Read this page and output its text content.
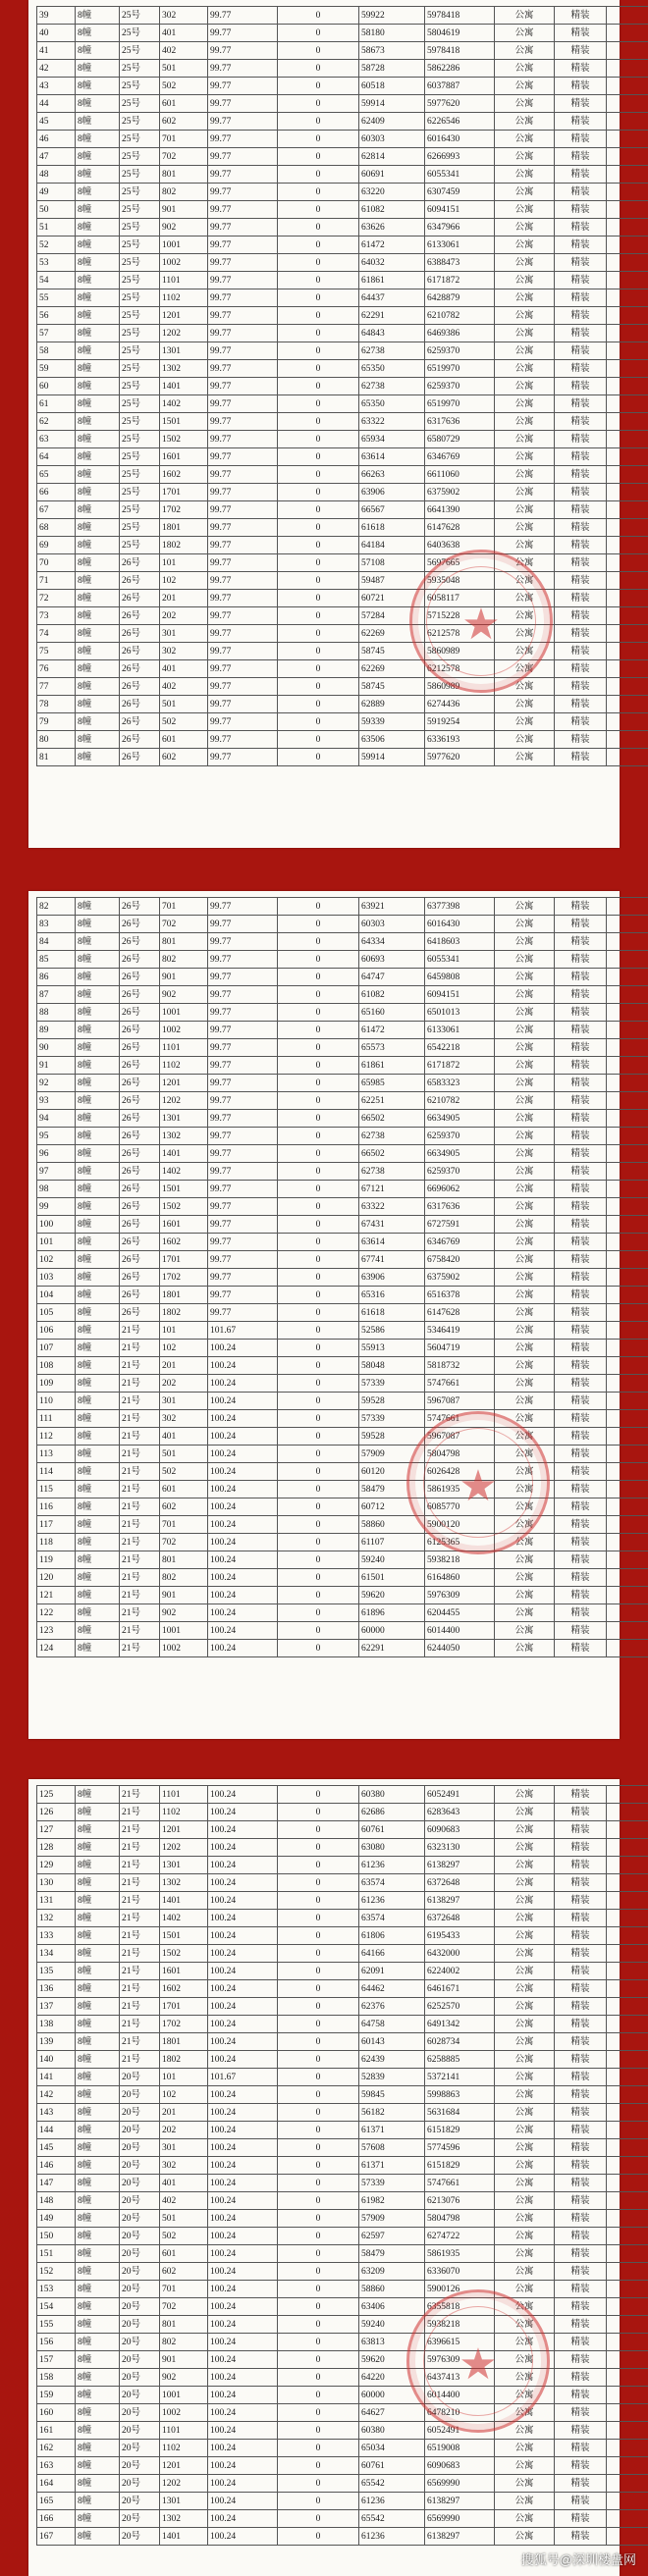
39	8幢	25号	302	99.77	0	59922	5978418	公寓	精装	
40	8幢	25号	401	99.77	0	58180	5804619	公寓	精装	
41	8幢	25号	402	99.77	0	58673	5978418	公寓	精装	
42	8幢	25号	501	99.77	0	58728	5862286	公寓	精装	
43	8幢	25号	502	99.77	0	60518	6037887	公寓	精装	
44	8幢	25号	601	99.77	0	59914	5977620	公寓	精装	
45	8幢	25号	602	99.77	0	62409	6226546	公寓	精装	
46	8幢	25号	701	99.77	0	60303	6016430	公寓	精装	
47	8幢	25号	702	99.77	0	62814	6266993	公寓	精装	
48	8幢	25号	801	99.77	0	60691	6055341	公寓	精装	
49	8幢	25号	802	99.77	0	63220	6307459	公寓	精装	
50	8幢	25号	901	99.77	0	61082	6094151	公寓	精装	
51	8幢	25号	902	99.77	0	63626	6347966	公寓	精装	
52	8幢	25号	1001	99.77	0	61472	6133061	公寓	精装	
53	8幢	25号	1002	99.77	0	64032	6388473	公寓	精装	
54	8幢	25号	1101	99.77	0	61861	6171872	公寓	精装	
55	8幢	25号	1102	99.77	0	64437	6428879	公寓	精装	
56	8幢	25号	1201	99.77	0	62291	6210782	公寓	精装	
57	8幢	25号	1202	99.77	0	64843	6469386	公寓	精装	
58	8幢	25号	1301	99.77	0	62738	6259370	公寓	精装	
59	8幢	25号	1302	99.77	0	65350	6519970	公寓	精装	
60	8幢	25号	1401	99.77	0	62738	6259370	公寓	精装	
61	8幢	25号	1402	99.77	0	65350	6519970	公寓	精装	
62	8幢	25号	1501	99.77	0	63322	6317636	公寓	精装	
63	8幢	25号	1502	99.77	0	65934	6580729	公寓	精装	
64	8幢	25号	1601	99.77	0	63614	6346769	公寓	精装	
65	8幢	25号	1602	99.77	0	66263	6611060	公寓	精装	
66	8幢	25号	1701	99.77	0	63906	6375902	公寓	精装	
67	8幢	25号	1702	99.77	0	66567	6641390	公寓	精装	
68	8幢	25号	1801	99.77	0	61618	6147628	公寓	精装	
69	8幢	25号	1802	99.77	0	64184	6403638	公寓	精装	
70	8幢	26号	101	99.77	0	57108	5697665	公寓	精装	
71	8幢	26号	102	99.77	0	59487	5935048	公寓	精装	
72	8幢	26号	201	99.77	0	60721	6058117	公寓	精装	
73	8幢	26号	202	99.77	0	57284	5715228	公寓	精装	
74	8幢	26号	301	99.77	0	62269	6212578	公寓	精装	
75	8幢	26号	302	99.77	0	58745	5860989	公寓	精装	
76	8幢	26号	401	99.77	0	62269	6212578	公寓	精装	
77	8幢	26号	402	99.77	0	58745	5860989	公寓	精装	
78	8幢	26号	501	99.77	0	62889	6274436	公寓	精装	
79	8幢	26号	502	99.77	0	59339	5919254	公寓	精装	
80	8幢	26号	601	99.77	0	63506	6336193	公寓	精装	
81	8幢	26号	602	99.77	0	59914	5977620	公寓	精装	
★
82	8幢	26号	701	99.77	0	63921	6377398	公寓	精装	
83	8幢	26号	702	99.77	0	60303	6016430	公寓	精装	
84	8幢	26号	801	99.77	0	64334	6418603	公寓	精装	
85	8幢	26号	802	99.77	0	60693	6055341	公寓	精装	
86	8幢	26号	901	99.77	0	64747	6459808	公寓	精装	
87	8幢	26号	902	99.77	0	61082	6094151	公寓	精装	
88	8幢	26号	1001	99.77	0	65160	6501013	公寓	精装	
89	8幢	26号	1002	99.77	0	61472	6133061	公寓	精装	
90	8幢	26号	1101	99.77	0	65573	6542218	公寓	精装	
91	8幢	26号	1102	99.77	0	61861	6171872	公寓	精装	
92	8幢	26号	1201	99.77	0	65985	6583323	公寓	精装	
93	8幢	26号	1202	99.77	0	62251	6210782	公寓	精装	
94	8幢	26号	1301	99.77	0	66502	6634905	公寓	精装	
95	8幢	26号	1302	99.77	0	62738	6259370	公寓	精装	
96	8幢	26号	1401	99.77	0	66502	6634905	公寓	精装	
97	8幢	26号	1402	99.77	0	62738	6259370	公寓	精装	
98	8幢	26号	1501	99.77	0	67121	6696062	公寓	精装	
99	8幢	26号	1502	99.77	0	63322	6317636	公寓	精装	
100	8幢	26号	1601	99.77	0	67431	6727591	公寓	精装	
101	8幢	26号	1602	99.77	0	63614	6346769	公寓	精装	
102	8幢	26号	1701	99.77	0	67741	6758420	公寓	精装	
103	8幢	26号	1702	99.77	0	63906	6375902	公寓	精装	
104	8幢	26号	1801	99.77	0	65316	6516378	公寓	精装	
105	8幢	26号	1802	99.77	0	61618	6147628	公寓	精装	
106	8幢	21号	101	101.67	0	52586	5346419	公寓	精装	
107	8幢	21号	102	100.24	0	55913	5604719	公寓	精装	
108	8幢	21号	201	100.24	0	58048	5818732	公寓	精装	
109	8幢	21号	202	100.24	0	57339	5747661	公寓	精装	
110	8幢	21号	301	100.24	0	59528	5967087	公寓	精装	
111	8幢	21号	302	100.24	0	57339	5747661	公寓	精装	
112	8幢	21号	401	100.24	0	59528	5967087	公寓	精装	
113	8幢	21号	501	100.24	0	57909	5804798	公寓	精装	
114	8幢	21号	502	100.24	0	60120	6026428	公寓	精装	
115	8幢	21号	601	100.24	0	58479	5861935	公寓	精装	
116	8幢	21号	602	100.24	0	60712	6085770	公寓	精装	
117	8幢	21号	701	100.24	0	58860	5900120	公寓	精装	
118	8幢	21号	702	100.24	0	61107	6125365	公寓	精装	
119	8幢	21号	801	100.24	0	59240	5938218	公寓	精装	
120	8幢	21号	802	100.24	0	61501	6164860	公寓	精装	
121	8幢	21号	901	100.24	0	59620	5976309	公寓	精装	
122	8幢	21号	902	100.24	0	61896	6204455	公寓	精装	
123	8幢	21号	1001	100.24	0	60000	6014400	公寓	精装	
124	8幢	21号	1002	100.24	0	62291	6244050	公寓	精装	
★
125	8幢	21号	1101	100.24	0	60380	6052491	公寓	精装	
126	8幢	21号	1102	100.24	0	62686	6283643	公寓	精装	
127	8幢	21号	1201	100.24	0	60761	6090683	公寓	精装	
128	8幢	21号	1202	100.24	0	63080	6323130	公寓	精装	
129	8幢	21号	1301	100.24	0	61236	6138297	公寓	精装	
130	8幢	21号	1302	100.24	0	63574	6372648	公寓	精装	
131	8幢	21号	1401	100.24	0	61236	6138297	公寓	精装	
132	8幢	21号	1402	100.24	0	63574	6372648	公寓	精装	
133	8幢	21号	1501	100.24	0	61806	6195433	公寓	精装	
134	8幢	21号	1502	100.24	0	64166	6432000	公寓	精装	
135	8幢	21号	1601	100.24	0	62091	6224002	公寓	精装	
136	8幢	21号	1602	100.24	0	64462	6461671	公寓	精装	
137	8幢	21号	1701	100.24	0	62376	6252570	公寓	精装	
138	8幢	21号	1702	100.24	0	64758	6491342	公寓	精装	
139	8幢	21号	1801	100.24	0	60143	6028734	公寓	精装	
140	8幢	21号	1802	100.24	0	62439	6258885	公寓	精装	
141	8幢	20号	101	101.67	0	52839	5372141	公寓	精装	
142	8幢	20号	102	100.24	0	59845	5998863	公寓	精装	
143	8幢	20号	201	100.24	0	56182	5631684	公寓	精装	
144	8幢	20号	202	100.24	0	61371	6151829	公寓	精装	
145	8幢	20号	301	100.24	0	57608	5774596	公寓	精装	
146	8幢	20号	302	100.24	0	61371	6151829	公寓	精装	
147	8幢	20号	401	100.24	0	57339	5747661	公寓	精装	
148	8幢	20号	402	100.24	0	61982	6213076	公寓	精装	
149	8幢	20号	501	100.24	0	57909	5804798	公寓	精装	
150	8幢	20号	502	100.24	0	62597	6274722	公寓	精装	
151	8幢	20号	601	100.24	0	58479	5861935	公寓	精装	
152	8幢	20号	602	100.24	0	63209	6336070	公寓	精装	
153	8幢	20号	701	100.24	0	58860	5900126	公寓	精装	
154	8幢	20号	702	100.24	0	63406	6355818	公寓	精装	
155	8幢	20号	801	100.24	0	59240	5938218	公寓	精装	
156	8幢	20号	802	100.24	0	63813	6396615	公寓	精装	
157	8幢	20号	901	100.24	0	59620	5976309	公寓	精装	
158	8幢	20号	902	100.24	0	64220	6437413	公寓	精装	
159	8幢	20号	1001	100.24	0	60000	6014400	公寓	精装	
160	8幢	20号	1002	100.24	0	64627	6478210	公寓	精装	
161	8幢	20号	1101	100.24	0	60380	6052491	公寓	精装	
162	8幢	20号	1102	100.24	0	65034	6519008	公寓	精装	
163	8幢	20号	1201	100.24	0	60761	6090683	公寓	精装	
164	8幢	20号	1202	100.24	0	65542	6569990	公寓	精装	
165	8幢	20号	1301	100.24	0	61236	6138297	公寓	精装	
166	8幢	20号	1302	100.24	0	65542	6569990	公寓	精装	
167	8幢	20号	1401	100.24	0	61236	6138297	公寓	精装	
★
搜狐号@深圳楼盘网
